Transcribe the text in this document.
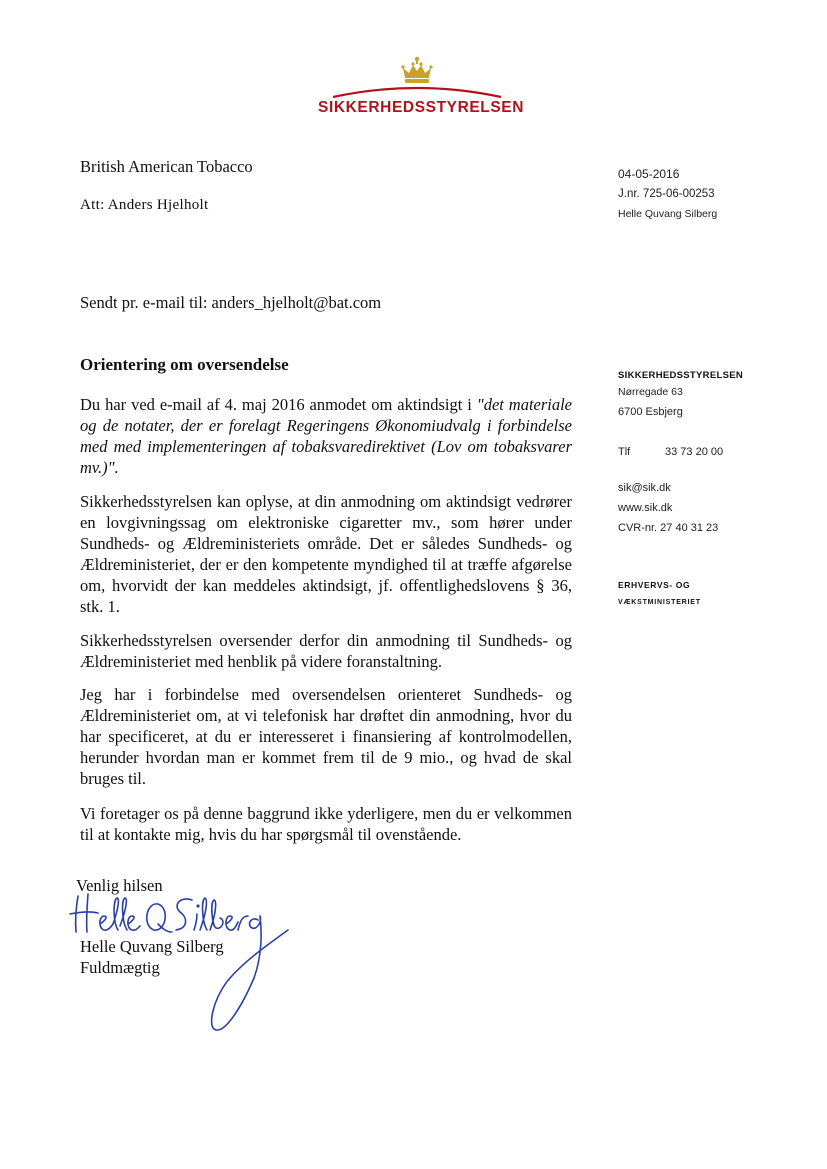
SIKKERHEDSSTYRELSEN
British American Tobacco
Att: Anders Hjelholt
04-05-2016
J.nr. 725-06-00253
Helle Quvang Silberg
Sendt pr. e-mail til: anders_hjelholt@bat.com
Orientering om oversendelse
Du har ved e-mail af 4. maj 2016 anmodet om aktindsigt i "det materiale og de notater, der er forelagt Regeringens Økonomiudvalg i forbindelse med med implementeringen af tobaksvaredirektivet (Lov om tobaksvarer mv.)".
Sikkerhedsstyrelsen kan oplyse, at din anmodning om aktindsigt vedrører en lovgivningssag om elektroniske cigaretter mv., som hører under Sundheds- og Ældreministeriets område. Det er således Sundheds- og Ældreministeriet, der er den kompetente myndighed til at træffe afgørelse om, hvorvidt der kan meddeles aktindsigt, jf. offentlighedslovens § 36, stk. 1.
Sikkerhedsstyrelsen oversender derfor din anmodning til Sundheds- og Ældreministeriet med henblik på videre foranstaltning.
Jeg har i forbindelse med oversendelsen orienteret Sundheds- og Ældreministeriet om, at vi telefonisk har drøftet din anmodning, hvor du har specificeret, at du er interesseret i finansiering af kontrolmodellen, herunder hvordan man er kommet frem til de 9 mio., og hvad de skal bruges til.
Vi foretager os på denne baggrund ikke yderligere, men du er velkommen til at kontakte mig, hvis du har spørgsmål til ovenstående.
SIKKERHEDSSTYRELSEN
Nørregade 63
6700 Esbjerg
Tlf	33 73 20 00
sik@sik.dk
www.sik.dk
CVR-nr. 27 40 31 23
ERHVERVS- OG
VÆKSTMINISTERIET
Venlig hilsen
Helle Quvang Silberg
Fuldmægtig
